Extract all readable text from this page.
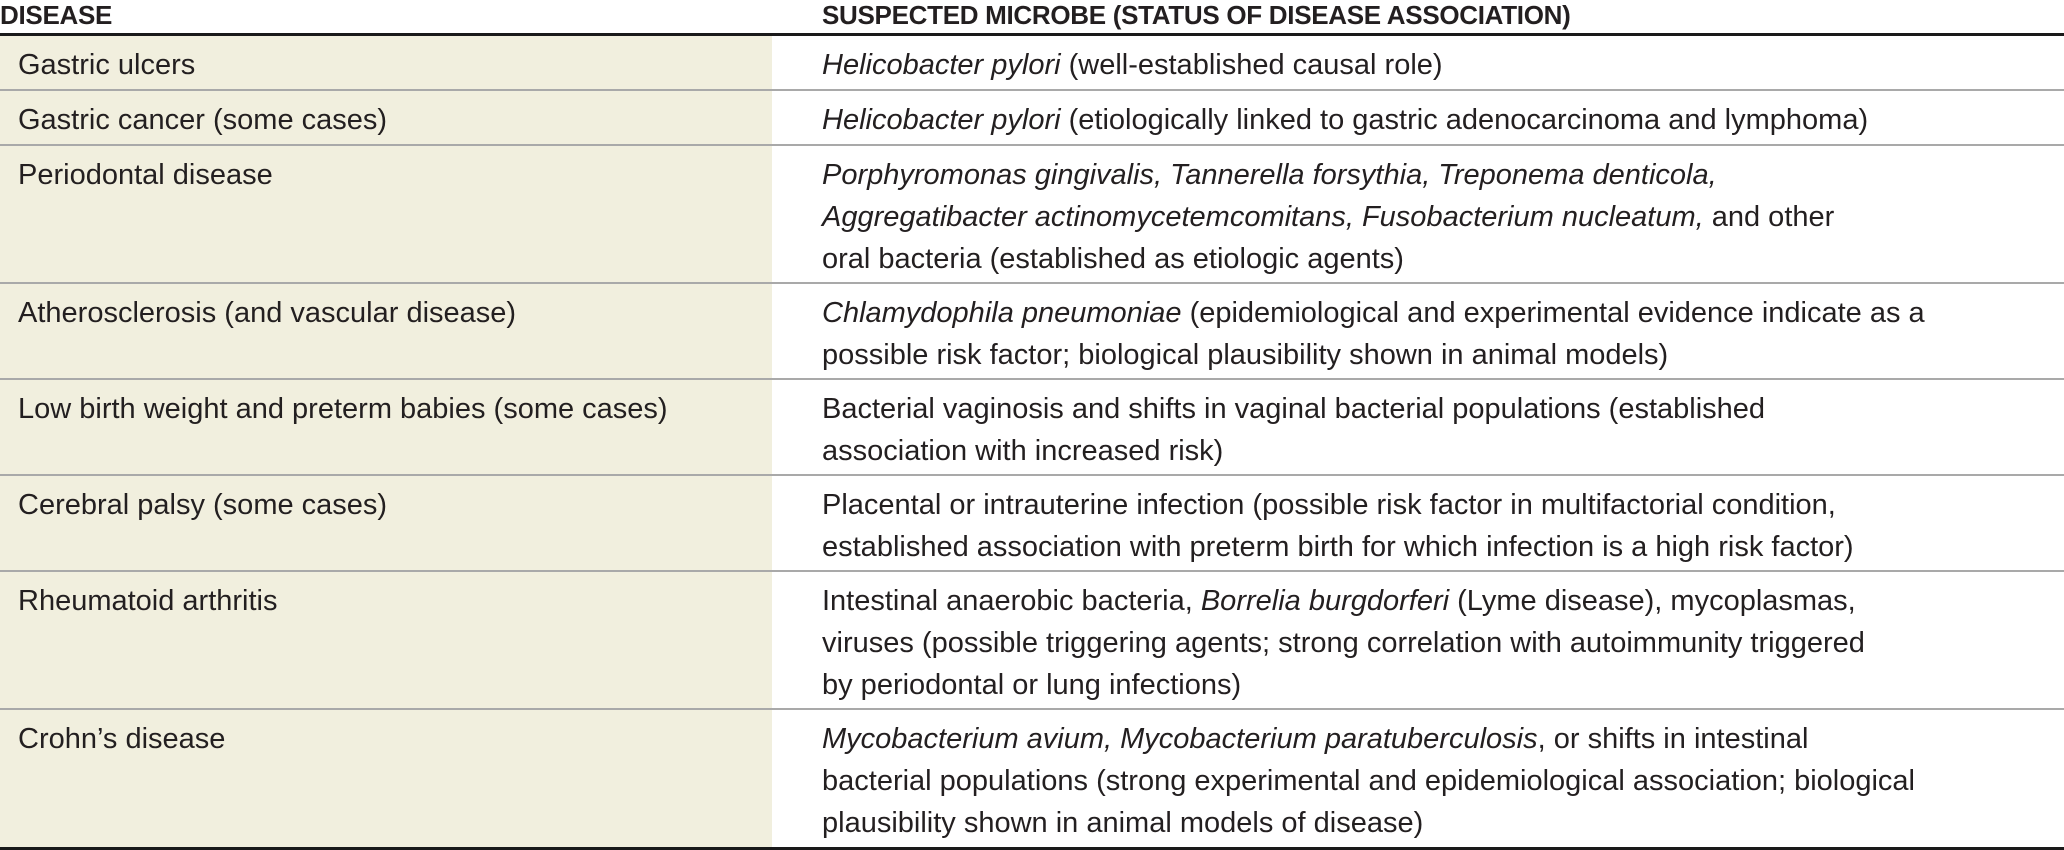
DISEASE	SUSPECTED MICROBE (STATUS OF DISEASE ASSOCIATION)
Gastric ulcers	Helicobacter pylori (well-established causal role)
Gastric cancer (some cases)	Helicobacter pylori (etiologically linked to gastric adenocarcinoma and lymphoma)
Periodontal disease	Porphyromonas gingivalis, Tannerella forsythia, Treponema denticola,
Aggregatibacter actinomycetemcomitans, Fusobacterium nucleatum, and other
oral bacteria (established as etiologic agents)
Atherosclerosis (and vascular disease)	Chlamydophila pneumoniae (epidemiological and experimental evidence indicate as a
possible risk factor; biological plausibility shown in animal models)
Low birth weight and preterm babies (some cases)	Bacterial vaginosis and shifts in vaginal bacterial populations (established
association with increased risk)
Cerebral palsy (some cases)	Placental or intrauterine infection (possible risk factor in multifactorial condition,
established association with preterm birth for which infection is a high risk factor)
Rheumatoid arthritis	Intestinal anaerobic bacteria, Borrelia burgdorferi (Lyme disease), mycoplasmas,
viruses (possible triggering agents; strong correlation with autoimmunity triggered
by periodontal or lung infections)
Crohn’s disease	Mycobacterium avium, Mycobacterium paratuberculosis, or shifts in intestinal
bacterial populations (strong experimental and epidemiological association; biological
plausibility shown in animal models of disease)
